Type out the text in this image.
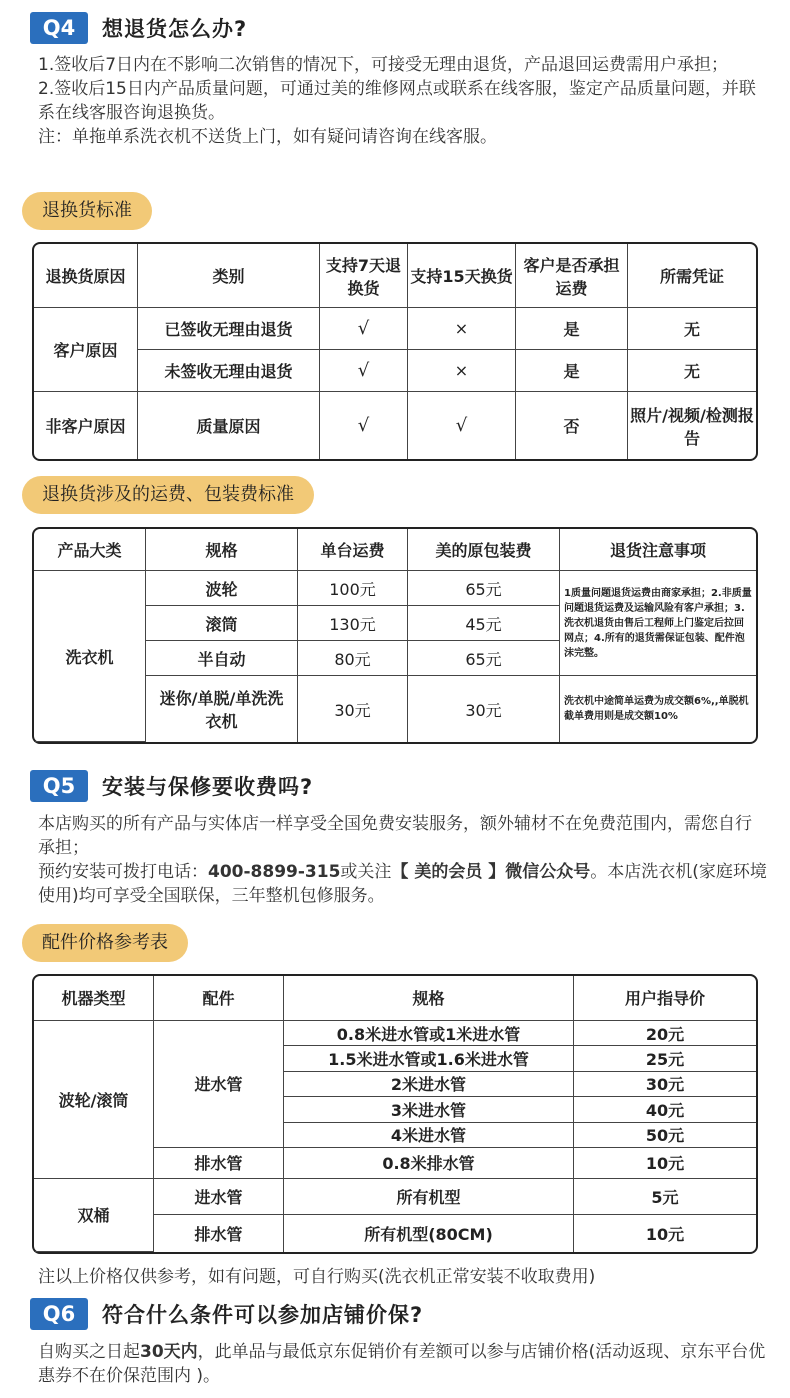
Q4	想退货怎么办?

1.签收后7日内在不影响二次销售的情况下，可接受无理由退货，产品退回运费需用户承担；

2.签收后15日内产品质量问题，可通过美的维修网点或联系在线客服，鉴定产品质量问题，并联系在线客服咨询退换货。

注：单拖单系洗衣机不送货上门，如有疑问请咨询在线客服。

退换货标准
退换货原因	类别	支持7天退换货	支持15天换货	客户是否承担运费	所需凭证
客户原因	已签收无理由退货	√	×	是	无
	未签收无理由退货	√	×	是	无
非客户原因	质量原因	√	√	否	照片/视频/检测报告
退换货涉及的运费、包装费标准
产品大类	规格	单台运费	美的原包装费	退货注意事项
洗衣机	波轮	100元	65元	1质量问题退货运费由商家承担；2.非质量问题退货运费及运输风险有客户承担；3.洗衣机退货由售后工程师上门鉴定后拉回网点；4.所有的退货需保证包装、配件泡沫完整。
	滚筒	130元	45元	
	半自动	80元	65元	
	迷你/单脱/单洗洗衣机	30元	30元	洗衣机中途简单运费为成交额6%,,单脱机截单费用则是成交额10%
Q5	安装与保修要收费吗?

本店购买的所有产品与实体店一样享受全国免费安装服务，额外辅材不在免费范围内，需您自行承担；

预约安装可拨打电话：400-8899-315或关注【 美的会员 】微信公众号。本店洗衣机(家庭环境使用)均可享受全国联保，三年整机包修服务。

配件价格参考表
机器类型	配件	规格	用户指导价
波轮/滚筒	进水管	0.8米进水管或1米进水管	20元
		1.5米进水管或1.6米进水管	25元
		2米进水管	30元
		3米进水管	40元
		4米进水管	50元
	排水管	0.8米排水管	10元
双桶	进水管	所有机型	5元
	排水管	所有机型(80CM)	10元
注以上价格仅供参考，如有问题，可自行购买(洗衣机正常安装不收取费用)
Q6	符合什么条件可以参加店铺价保?

自购买之日起30天内，此单品与最低京东促销价有差额可以参与店铺价格(活动返现、京东平台优惠券不在价保范围内 )。
